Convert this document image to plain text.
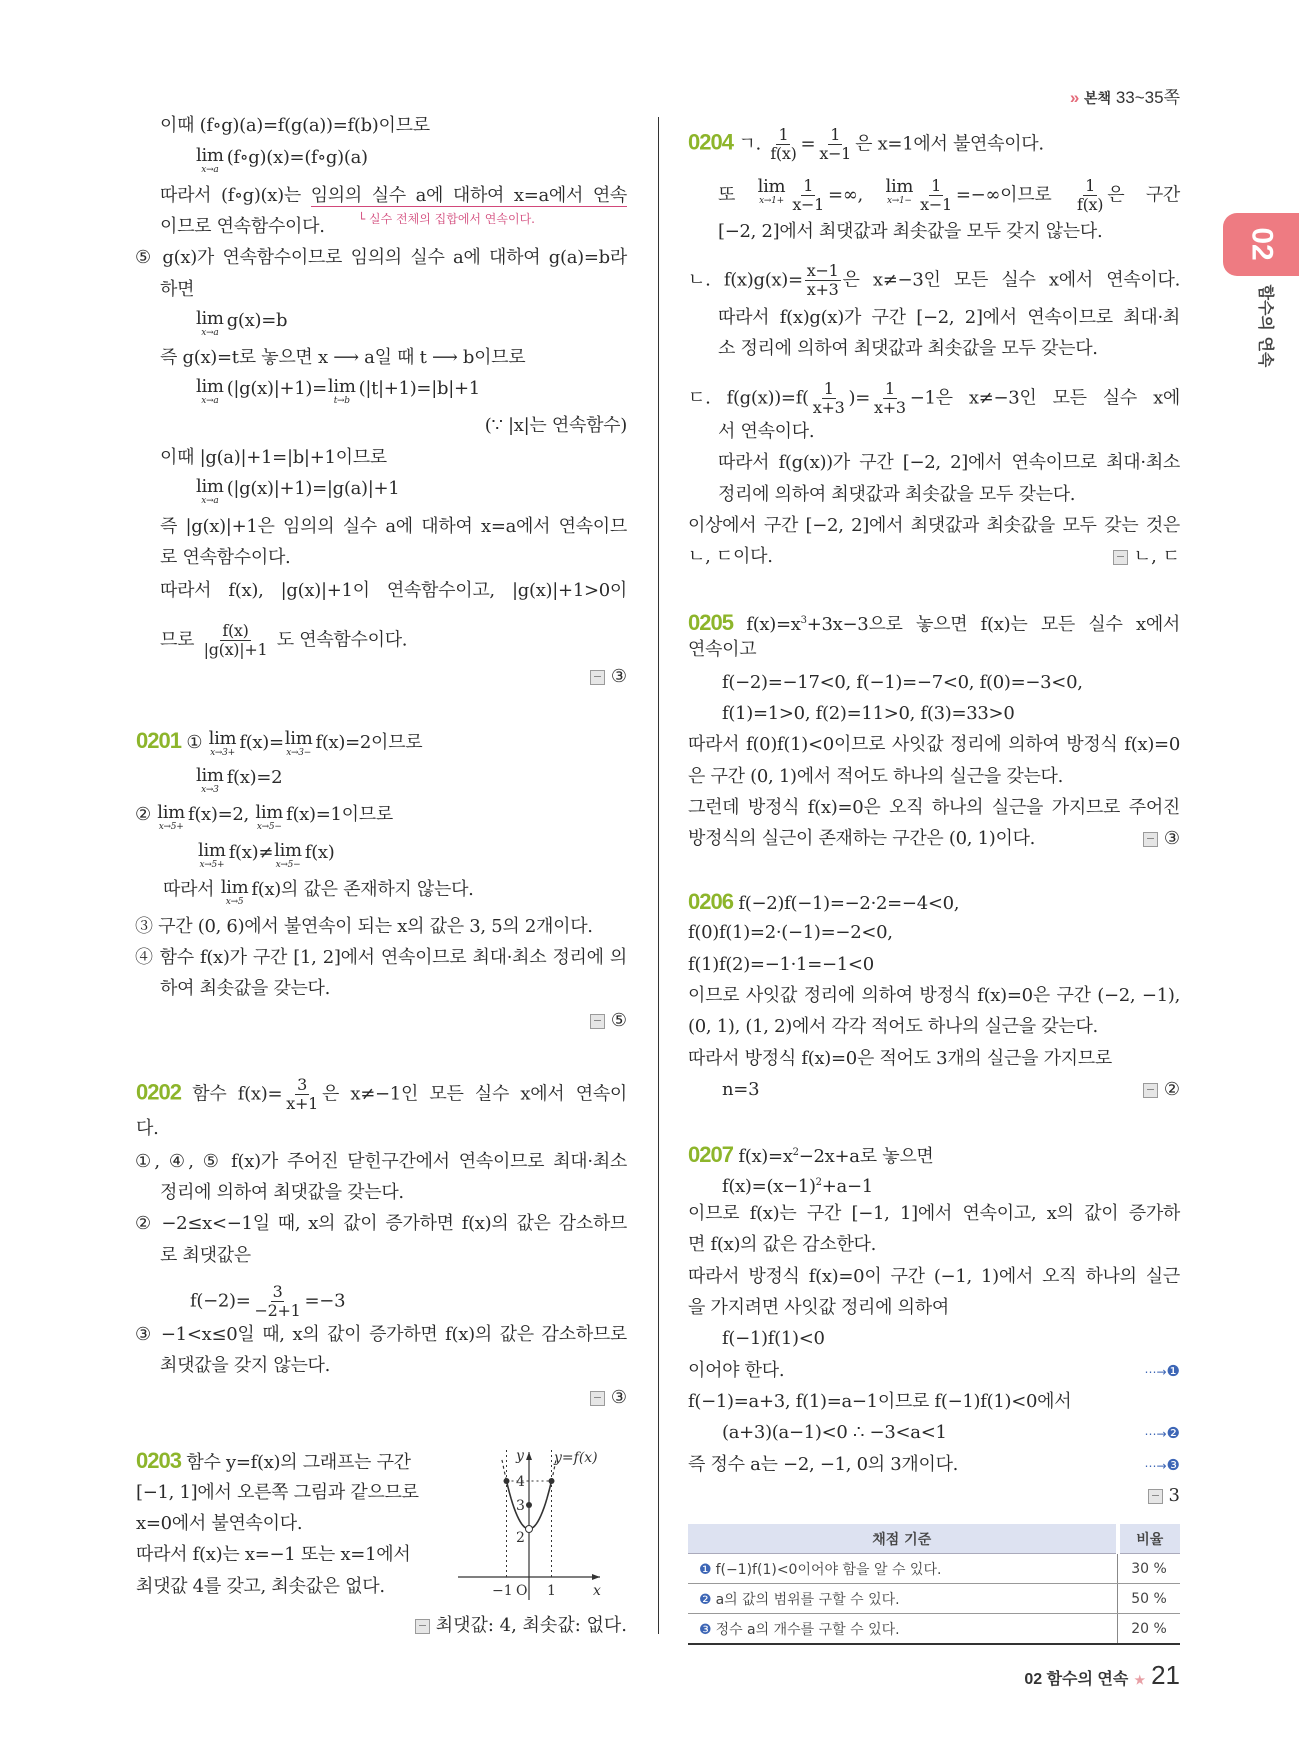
» 본책 33~35쪽
02
함수의 연속
└ 실수 전체의 집합에서 연속이다.
이때 (f∘g)(a)=f(g(a))=f(b)이므로
lim
x→a
(f∘g)(x)=(f∘g)(a)
따라서 (f∘g)(x)는 임의의 실수 a에 대하여 x=a에서 연속
이므로 연속함수이다.
⑤ g(x)가 연속함수이므로 임의의 실수 a에 대하여 g(a)=b라
하면
lim
x→a
g(x)=b
즉 g(x)=t로 놓으면 x ⟶ a일 때 t ⟶ b이므로
lim
x→a
(|g(x)|+1)= lim
t→b
(|t|+1)=|b|+1
(∵ |x|는 연속함수)
이때 |g(a)|+1=|b|+1이므로
lim
x→a
(|g(x)|+1)=|g(a)|+1
즉 |g(x)|+1은 임의의 실수 a에 대하여 x=a에서 연속이므
로 연속함수이다.
따라서 f(x), |g(x)|+1이 연속함수이고, |g(x)|+1>0이
므로 $\frac{f(x)}{|g(x)|+1}$ 도 연속함수이다.
③
0201 ① lim
x→3+ f(x)= lim
x→3− f(x)=2이므로
lim
x→3
f(x)=2
② lim
x→5+
f(x)=2, lim
x→5−
f(x)=1이므로
lim
x→5+
f(x)≠ lim
x→5−
f(x)
따라서 lim
x→5
f(x)의 값은 존재하지 않는다.
③ 구간 (0, 6)에서 불연속이 되는 x의 값은 3, 5의 2개이다.
④ 함수 f(x)가 구간 [1, 2]에서 연속이므로 최대·최소 정리에 의
하여 최솟값을 갖는다.
⑤
0202 함수 $f(x)= \frac{3}{x+1}$ 은 x≠−1인 모든 실수 x에서 연속이
다.
①, ④, ⑤ f(x)가 주어진 닫힌구간에서 연속이므로 최대·최소
정리에 의하여 최댓값을 갖는다.
② −2≤x<−1일 때, x의 값이 증가하면 f(x)의 값은 감소하므
로 최댓값은
$f(-2)= \frac{3}{-2+1} =-3$
③ −1<x≤0일 때, x의 값이 증가하면 f(x)의 값은 감소하므로
최댓값을 갖지 않는다.
③
0203 함수 y=f(x)의 그래프는 구간
[−1, 1]에서 오른쪽 그림과 같으므로
x=0에서 불연속이다.
따라서 f(x)는 x=−1 또는 x=1에서
최댓값 4를 갖고, 최솟값은 없다.
최댓값: 4, 최솟값: 없다.
0204 ㄱ. $\frac{1}{f(x)} = \frac{1}{x-1}$ 은 x=1에서 불연속이다.
또 lim
$x\to 1+ \frac{1}{x-1}$ =∞, lim
$x\to 1- \frac{1}{x-1}$ =−∞이므로 $\frac{1}{f(x)}$ 은 구간
[−2, 2]에서 최댓값과 최솟값을 모두 갖지 않는다.
ㄴ. $f(x)g(x)= \frac{x-1}{x+3}$ 은 x≠−3인 모든 실수 x에서 연속이다.
따라서 f(x)g(x)가 구간 [−2, 2]에서 연속이므로 최대·최
소 정리에 의하여 최댓값과 최솟값을 모두 갖는다.
ㄷ. $f(g(x))=f( \frac{1}{x+3}$ )= $\frac{1}{x+3} -1$은 x≠−3인 모든 실수 x에
서 연속이다.
따라서 f(g(x))가 구간 [−2, 2]에서 연속이므로 최대·최소
정리에 의하여 최댓값과 최솟값을 모두 갖는다.
이상에서 구간 [−2, 2]에서 최댓값과 최솟값을 모두 갖는 것은
ㄴ, ㄷ이다.	ㄴ, ㄷ
0205 $f(x)=x^3+3x-3$으로 놓으면 f(x)는 모든 실수 x에서
연속이고
f(−2)=−17<0, f(−1)=−7<0, f(0)=−3<0,
f(1)=1>0, f(2)=11>0, f(3)=33>0
따라서 f(0)f(1)<0이므로 사잇값 정리에 의하여 방정식 f(x)=0
은 구간 (0, 1)에서 적어도 하나의 실근을 갖는다.
그런데 방정식 f(x)=0은 오직 하나의 실근을 가지므로 주어진
방정식의 실근이 존재하는 구간은 (0, 1)이다.	③
0206 f(−2)f(−1)=−2·2=−4<0,
f(0)f(1)=2·(−1)=−2<0,
f(1)f(2)=−1·1=−1<0
이므로 사잇값 정리에 의하여 방정식 f(x)=0은 구간 (−2, −1),
(0, 1), (1, 2)에서 각각 적어도 하나의 실근을 갖는다.
따라서 방정식 f(x)=0은 적어도 3개의 실근을 가지므로
n=3	②
0207 $f(x)=x^2-2x+a$로 놓으면
$f(x)=(x-1)^2+a-1$
이므로 f(x)는 구간 [−1, 1]에서 연속이고, x의 값이 증가하
면 f(x)의 값은 감소한다.
따라서 방정식 f(x)=0이 구간 (−1, 1)에서 오직 하나의 실근
을 가지려면 사잇값 정리에 의하여
f(−1)f(1)<0
이어야 한다.	⋯→❶
f(−1)=a+3, f(1)=a−1이므로 f(−1)f(1)<0에서
(a+3)(a−1)<0 ∴ −3<a<1	⋯→❷
즉 정수 a는 −2, −1, 0의 3개이다.	⋯→❸
3
y y=f(x)
4
3
2
−1 O 1	x
채점 기준	비율
❶ f(−1)f(1)<0이어야 함을 알 수 있다.	30 %
❷ a의 값의 범위를 구할 수 있다.	50 %
❸ 정수 a의 개수를 구할 수 있다.	20 %
02 함수의 연속 ★ 21
